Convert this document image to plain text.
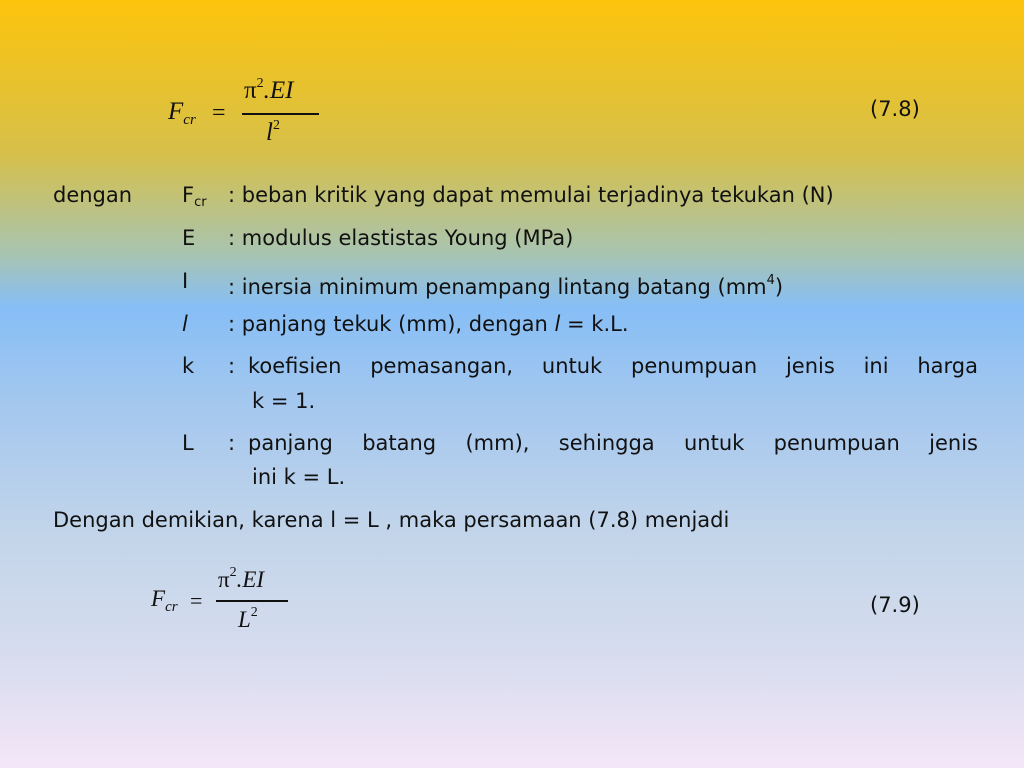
$F_{cr}$ =
$\pi^2.EI$
$l^2$
(7.8)
dengan $F_{cr}$ : beban kritik yang dapat memulai terjadinya tekukan (N)
E : modulus elastistas Young (MPa)
I : inersia minimum penampang lintang batang $(mm^4)$
l : panjang tekuk (mm), dengan l = k.L.
k : koefisien pemasangan, untuk penumpuan jenis ini harga
k = 1.
L : panjang batang (mm), sehingga untuk penumpuan jenis
ini k = L.
Dengan demikian, karena l = L , maka persamaan (7.8) menjadi
$F_{cr}$ =
$\pi^2.EI$
$L^2$	(7.9)
